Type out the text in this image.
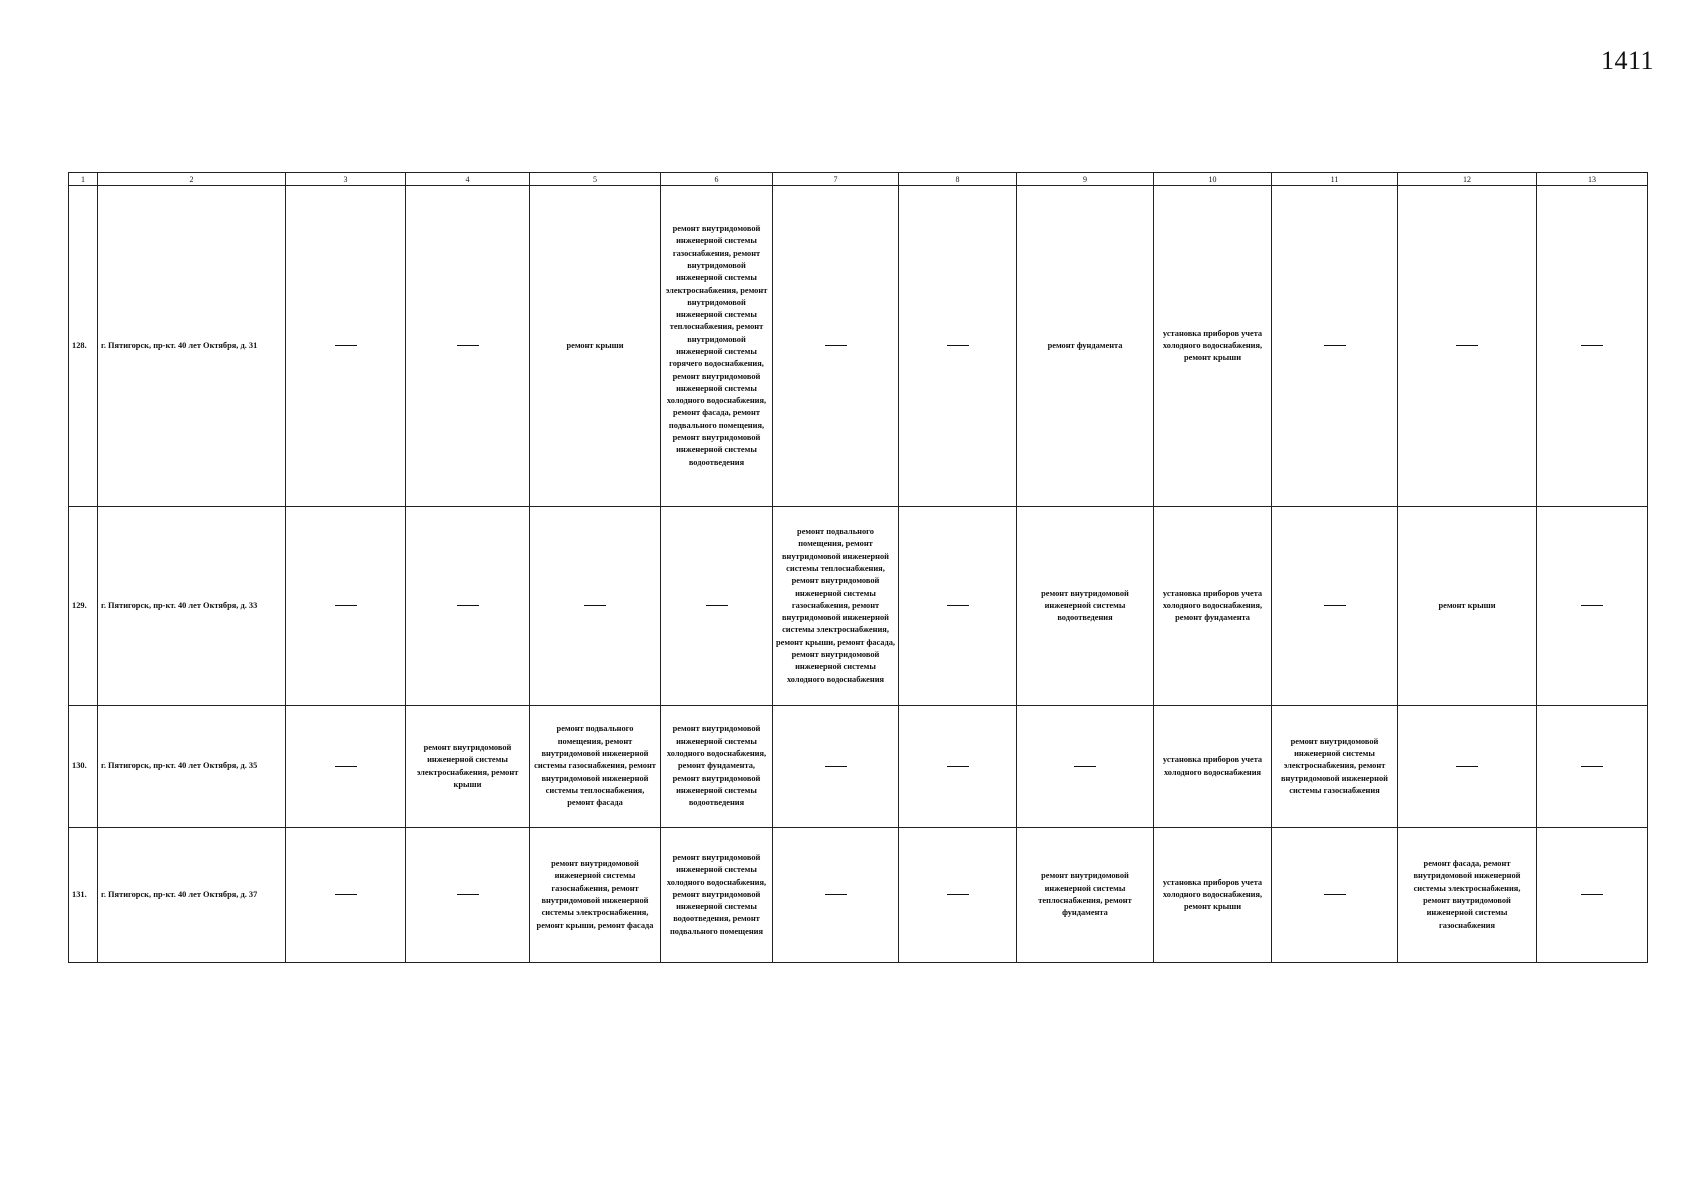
1411
1	2	3	4	5	6	7	8	9	10	11	12	13
128.	г. Пятигорск, пр-кт. 40 лет Октября, д. 31			ремонт крыши	ремонт внутридомовой инженерной системы газоснабжения, ремонт внутридомовой инженерной системы электроснабжения, ремонт внутридомовой инженерной системы теплоснабжения, ремонт внутридомовой инженерной системы горячего водоснабжения, ремонт внутридомовой инженерной системы холодного водоснабжения, ремонт фасада, ремонт подвального помещения, ремонт внутридомовой инженерной системы водоотведения			ремонт фундамента	установка приборов учета холодного водоснабжения, ремонт крыши			
129.	г. Пятигорск, пр-кт. 40 лет Октября, д. 33					ремонт подвального помещения, ремонт внутридомовой инженерной системы теплоснабжения, ремонт внутридомовой инженерной системы газоснабжения, ремонт внутридомовой инженерной системы электроснабжения, ремонт крыши, ремонт фасада, ремонт внутридомовой инженерной системы холодного водоснабжения		ремонт внутридомовой инженерной системы водоотведения	установка приборов учета холодного водоснабжения, ремонт фундамента		ремонт крыши	
130.	г. Пятигорск, пр-кт. 40 лет Октября, д. 35		ремонт внутридомовой инженерной системы электроснабжения, ремонт крыши	ремонт подвального помещения, ремонт внутридомовой инженерной системы газоснабжения, ремонт внутридомовой инженерной системы теплоснабжения, ремонт фасада	ремонт внутридомовой инженерной системы холодного водоснабжения, ремонт фундамента, ремонт внутридомовой инженерной системы водоотведения				установка приборов учета холодного водоснабжения	ремонт внутридомовой инженерной системы электроснабжения, ремонт внутридомовой инженерной системы газоснабжения		
131.	г. Пятигорск, пр-кт. 40 лет Октября, д. 37			ремонт внутридомовой инженерной системы газоснабжения, ремонт внутридомовой инженерной системы электроснабжения, ремонт крыши, ремонт фасада	ремонт внутридомовой инженерной системы холодного водоснабжения, ремонт внутридомовой инженерной системы водоотведения, ремонт подвального помещения			ремонт внутридомовой инженерной системы теплоснабжения, ремонт фундамента	установка приборов учета холодного водоснабжения, ремонт крыши		ремонт фасада, ремонт внутридомовой инженерной системы электроснабжения, ремонт внутридомовой инженерной системы газоснабжения	
